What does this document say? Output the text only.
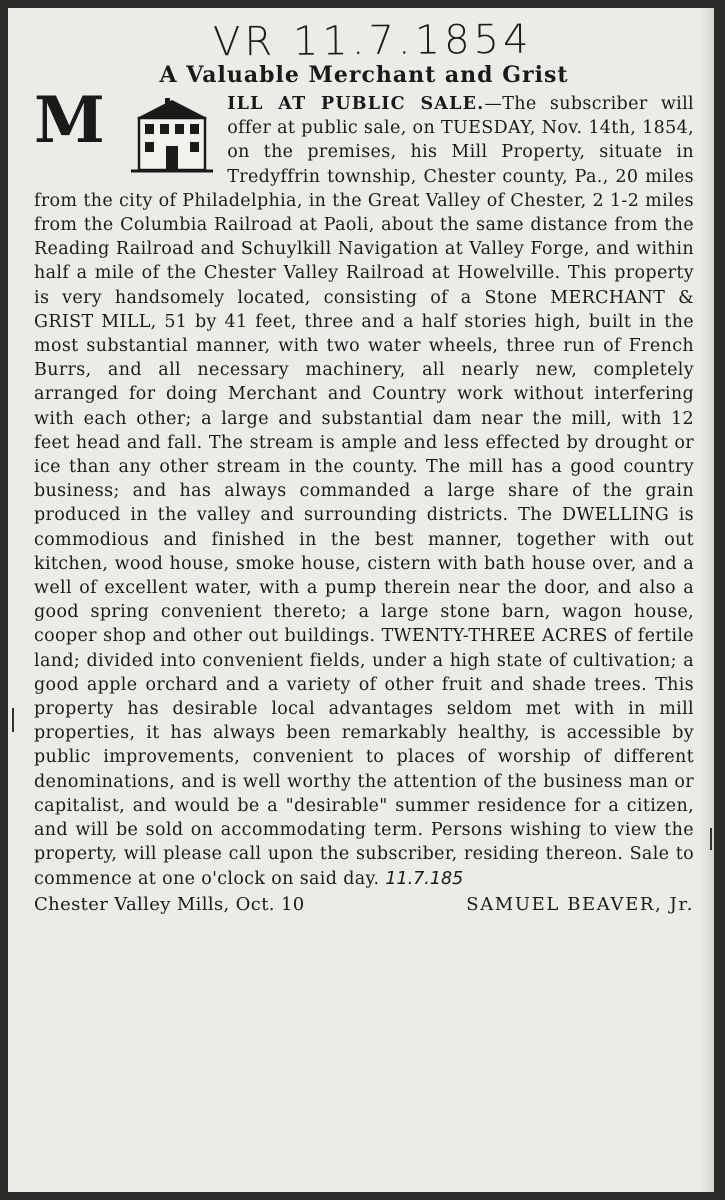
VR 11.7.1854
A Valuable Merchant and Grist
M	ILL AT PUBLIC SALE.—The subscriber will offer at public sale, on TUESDAY, Nov. 14th, 1854, on the premises, his Mill Property, situate in Tredyffrin township, Chester county, Pa., 20 miles from the city of Philadelphia, in the Great Valley of Chester, 2 1-2 miles from the Columbia Railroad at Paoli, about the same distance from the Reading Railroad and Schuylkill Navigation at Valley Forge, and within half a mile of the Chester Valley Railroad at Howelville. This property is very handsomely located, consisting of a Stone MERCHANT & GRIST MILL, 51 by 41 feet, three and a half stories high, built in the most substantial manner, with two water wheels, three run of French Burrs, and all necessary machinery, all nearly new, completely arranged for doing Merchant and Country work without interfering with each other; a large and substantial dam near the mill, with 12 feet head and fall. The stream is ample and less effected by drought or ice than any other stream in the county. The mill has a good country business; and has always commanded a large share of the grain produced in the valley and surrounding districts. The DWELLING is commodious and finished in the best manner, together with out kitchen, wood house, smoke house, cistern with bath house over, and a well of excellent water, with a pump therein near the door, and also a good spring convenient thereto; a large stone barn, wagon house, cooper shop and other out buildings. TWENTY-THREE ACRES of fertile land; divided into convenient fields, under a high state of cultivation; a good apple orchard and a variety of other fruit and shade trees. This property has desirable local advantages seldom met with in mill properties, it has always been remarkably healthy, is accessible by public improvements, convenient to places of worship of different denominations, and is well worthy the attention of the business man or capitalist, and would be a "desirable" summer residence for a citizen, and will be sold on accommodating term. Persons wishing to view the property, will please call upon the subscriber, residing thereon. Sale to commence at one o'clock on said day. 11.7.185
Chester Valley Mills, Oct. 10	SAMUEL BEAVER, Jr.
